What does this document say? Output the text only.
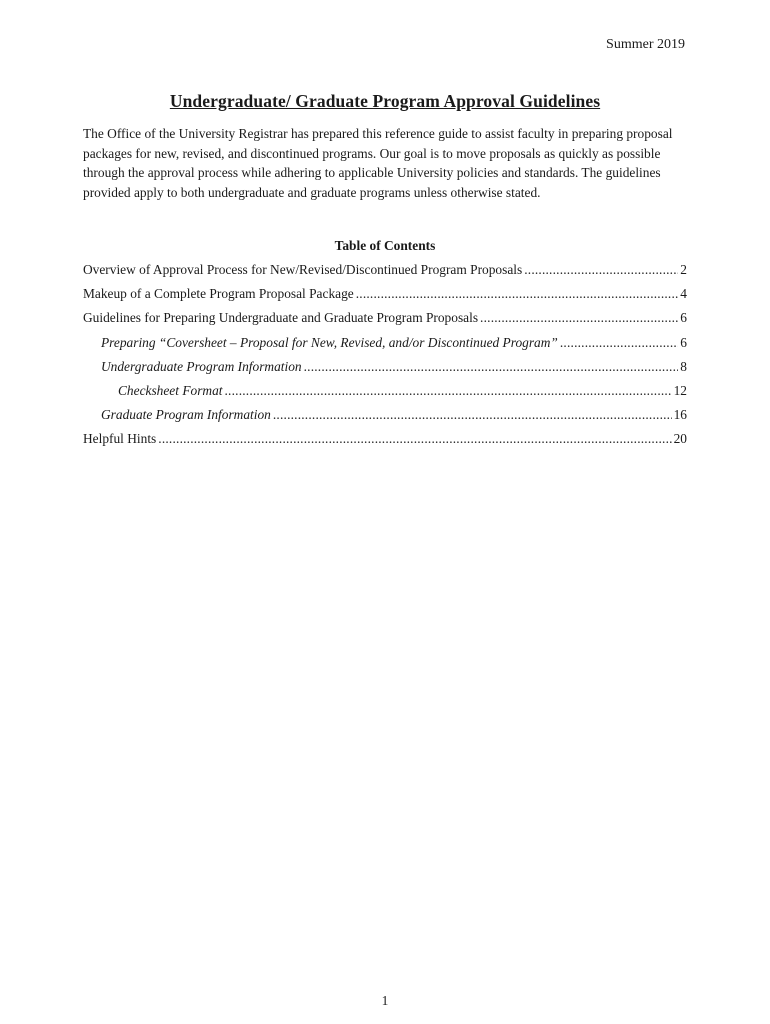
Summer 2019
Undergraduate/ Graduate Program Approval Guidelines

The Office of the University Registrar has prepared this reference guide to assist faculty in preparing proposal packages for new, revised, and discontinued programs. Our goal is to move proposals as quickly as possible through the approval process while adhering to applicable University policies and standards. The guidelines provided apply to both undergraduate and graduate programs unless otherwise stated.

Table of Contents
Overview of Approval Process for New/Revised/Discontinued Program Proposals .....	2
Makeup of a Complete Program Proposal Package .....	4
Guidelines for Preparing Undergraduate and Graduate Program Proposals .....	6
Preparing “Coversheet – Proposal for New, Revised, and/or Discontinued Program” .....	6
Undergraduate Program Information .....	8
Checksheet Format .....	12
Graduate Program Information .....	16
Helpful Hints .....	20
1
